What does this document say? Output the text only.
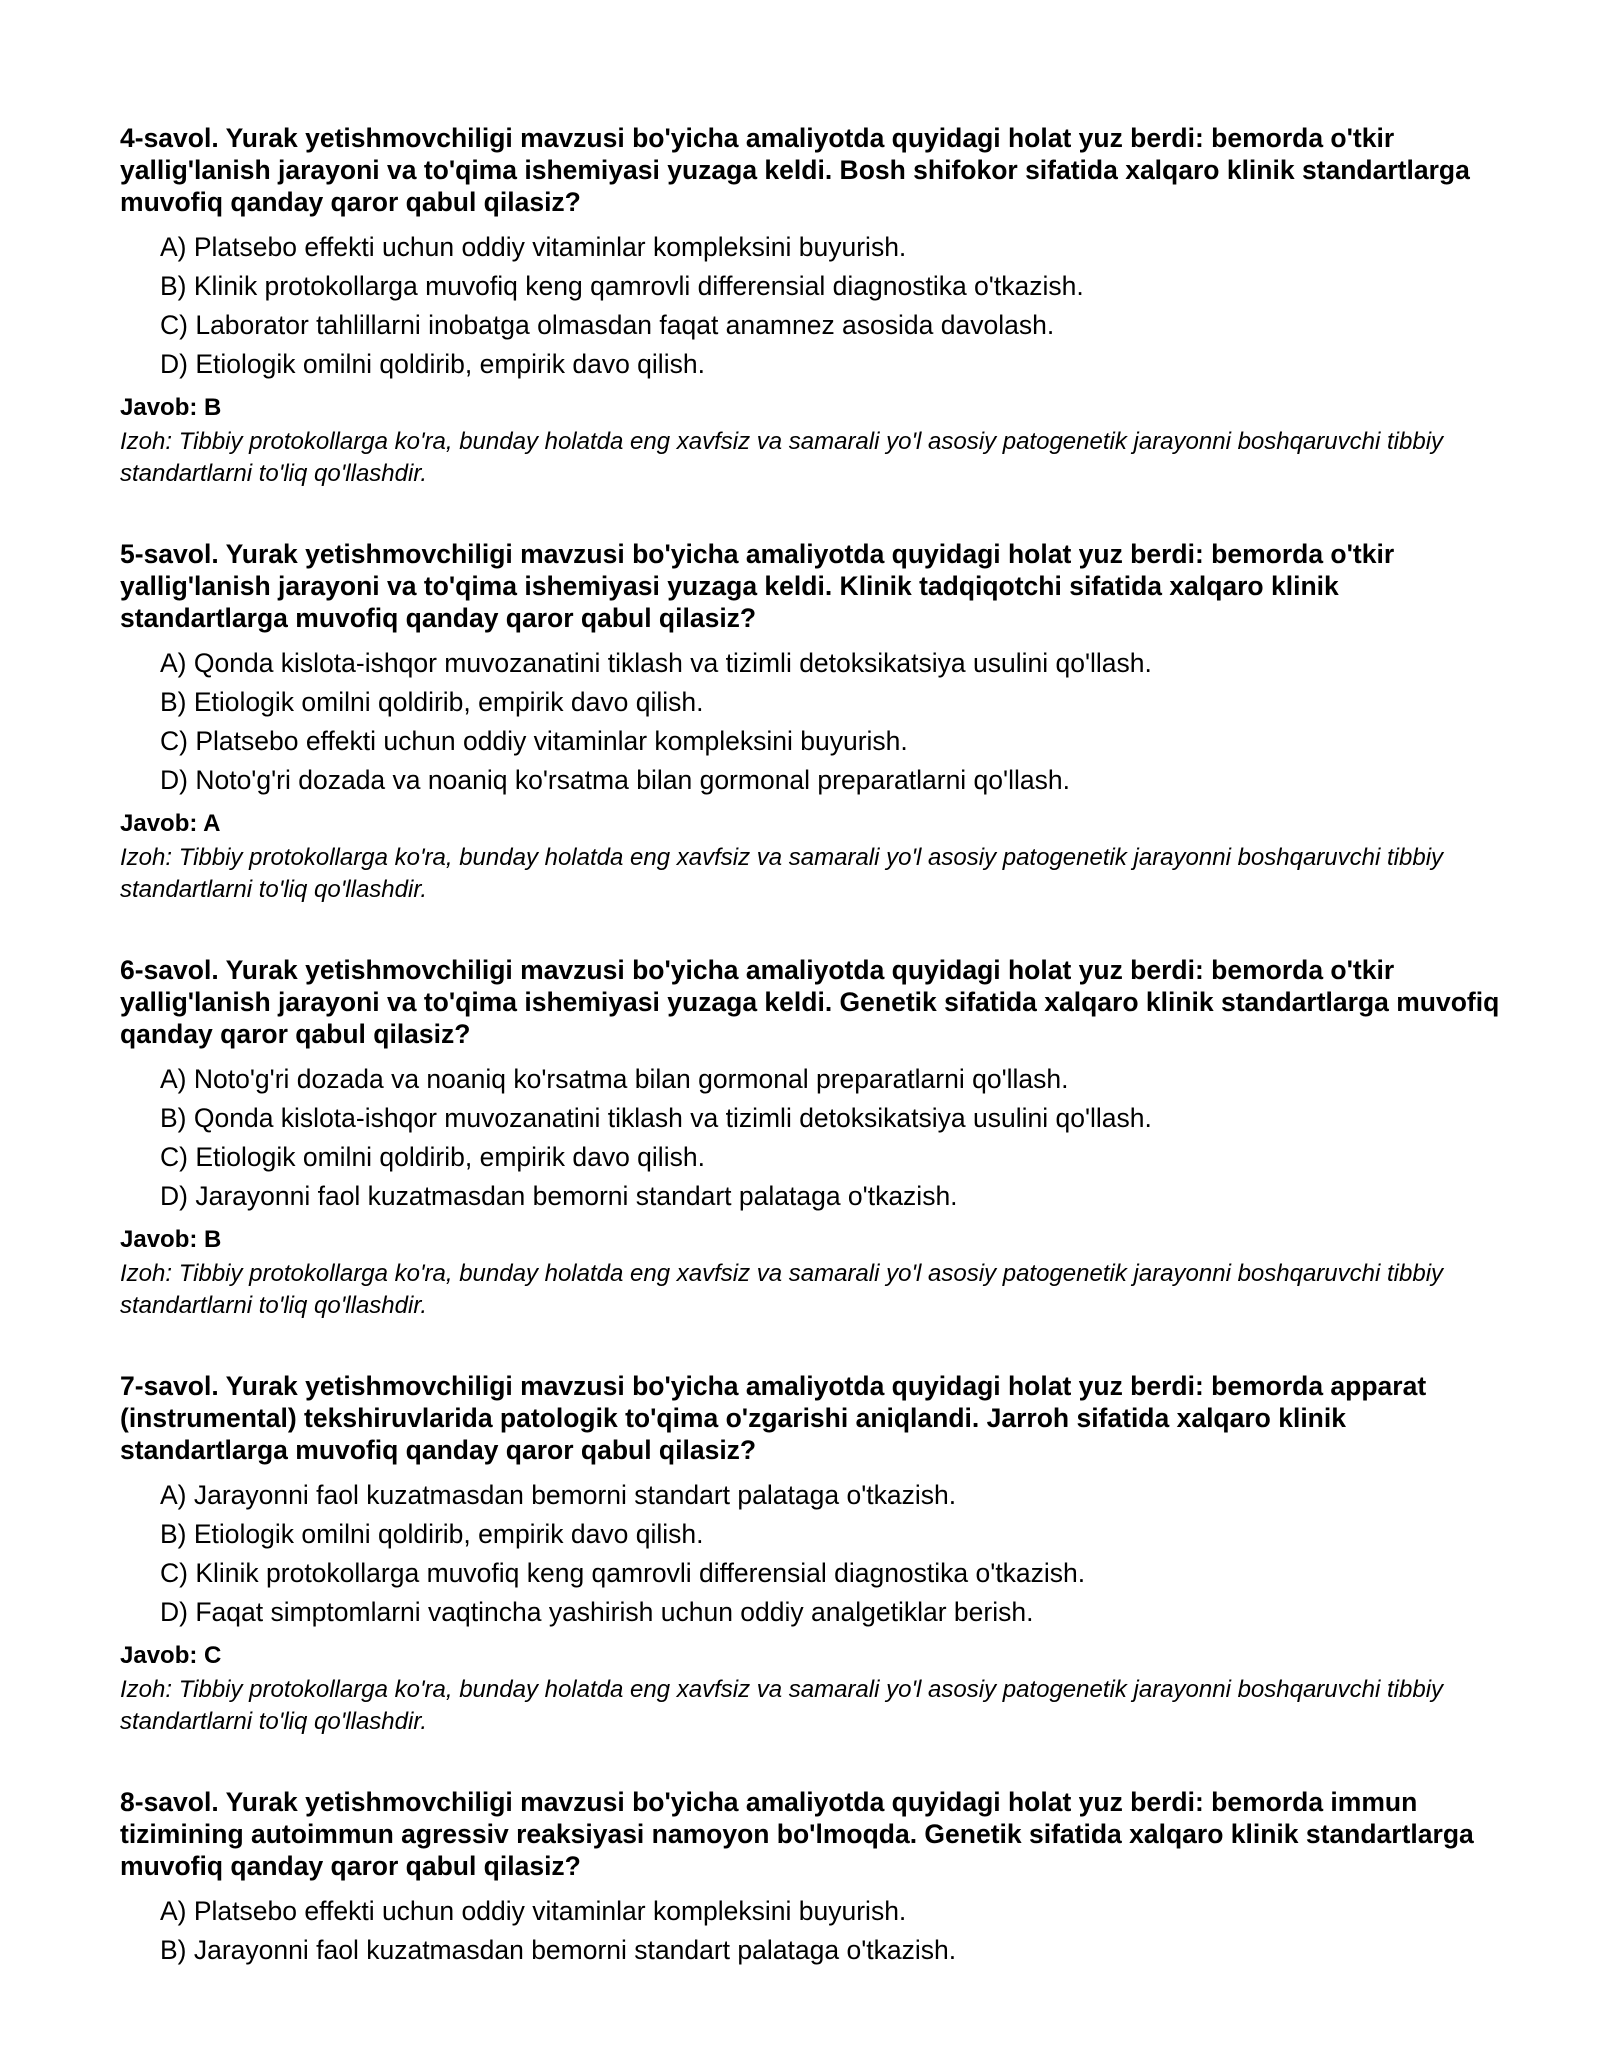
4-savol. Yurak yetishmovchiligi mavzusi bo'yicha amaliyotda quyidagi holat yuz berdi: bemorda o'tkir yallig'lanish jarayoni va to'qima ishemiyasi yuzaga keldi. Bosh shifokor sifatida xalqaro klinik standartlarga muvofiq qanday qaror qabul qilasiz?

A) Platsebo effekti uchun oddiy vitaminlar kompleksini buyurish.
B) Klinik protokollarga muvofiq keng qamrovli differensial diagnostika o'tkazish.
C) Laborator tahlillarni inobatga olmasdan faqat anamnez asosida davolash.
D) Etiologik omilni qoldirib, empirik davo qilish.

Javob: B

Izoh: Tibbiy protokollarga ko'ra, bunday holatda eng xavfsiz va samarali yo'l asosiy patogenetik jarayonni boshqaruvchi tibbiy standartlarni to'liq qo'llashdir.

5-savol. Yurak yetishmovchiligi mavzusi bo'yicha amaliyotda quyidagi holat yuz berdi: bemorda o'tkir yallig'lanish jarayoni va to'qima ishemiyasi yuzaga keldi. Klinik tadqiqotchi sifatida xalqaro klinik standartlarga muvofiq qanday qaror qabul qilasiz?

A) Qonda kislota-ishqor muvozanatini tiklash va tizimli detoksikatsiya usulini qo'llash.
B) Etiologik omilni qoldirib, empirik davo qilish.
C) Platsebo effekti uchun oddiy vitaminlar kompleksini buyurish.
D) Noto'g'ri dozada va noaniq ko'rsatma bilan gormonal preparatlarni qo'llash.

Javob: A

Izoh: Tibbiy protokollarga ko'ra, bunday holatda eng xavfsiz va samarali yo'l asosiy patogenetik jarayonni boshqaruvchi tibbiy standartlarni to'liq qo'llashdir.

6-savol. Yurak yetishmovchiligi mavzusi bo'yicha amaliyotda quyidagi holat yuz berdi: bemorda o'tkir yallig'lanish jarayoni va to'qima ishemiyasi yuzaga keldi. Genetik sifatida xalqaro klinik standartlarga muvofiq qanday qaror qabul qilasiz?

A) Noto'g'ri dozada va noaniq ko'rsatma bilan gormonal preparatlarni qo'llash.
B) Qonda kislota-ishqor muvozanatini tiklash va tizimli detoksikatsiya usulini qo'llash.
C) Etiologik omilni qoldirib, empirik davo qilish.
D) Jarayonni faol kuzatmasdan bemorni standart palataga o'tkazish.

Javob: B

Izoh: Tibbiy protokollarga ko'ra, bunday holatda eng xavfsiz va samarali yo'l asosiy patogenetik jarayonni boshqaruvchi tibbiy standartlarni to'liq qo'llashdir.

7-savol. Yurak yetishmovchiligi mavzusi bo'yicha amaliyotda quyidagi holat yuz berdi: bemorda apparat (instrumental) tekshiruvlarida patologik to'qima o'zgarishi aniqlandi. Jarroh sifatida xalqaro klinik standartlarga muvofiq qanday qaror qabul qilasiz?

A) Jarayonni faol kuzatmasdan bemorni standart palataga o'tkazish.
B) Etiologik omilni qoldirib, empirik davo qilish.
C) Klinik protokollarga muvofiq keng qamrovli differensial diagnostika o'tkazish.
D) Faqat simptomlarni vaqtincha yashirish uchun oddiy analgetiklar berish.

Javob: C

Izoh: Tibbiy protokollarga ko'ra, bunday holatda eng xavfsiz va samarali yo'l asosiy patogenetik jarayonni boshqaruvchi tibbiy standartlarni to'liq qo'llashdir.

8-savol. Yurak yetishmovchiligi mavzusi bo'yicha amaliyotda quyidagi holat yuz berdi: bemorda immun tizimining autoimmun agressiv reaksiyasi namoyon bo'lmoqda. Genetik sifatida xalqaro klinik standartlarga muvofiq qanday qaror qabul qilasiz?

A) Platsebo effekti uchun oddiy vitaminlar kompleksini buyurish.
B) Jarayonni faol kuzatmasdan bemorni standart palataga o'tkazish.
